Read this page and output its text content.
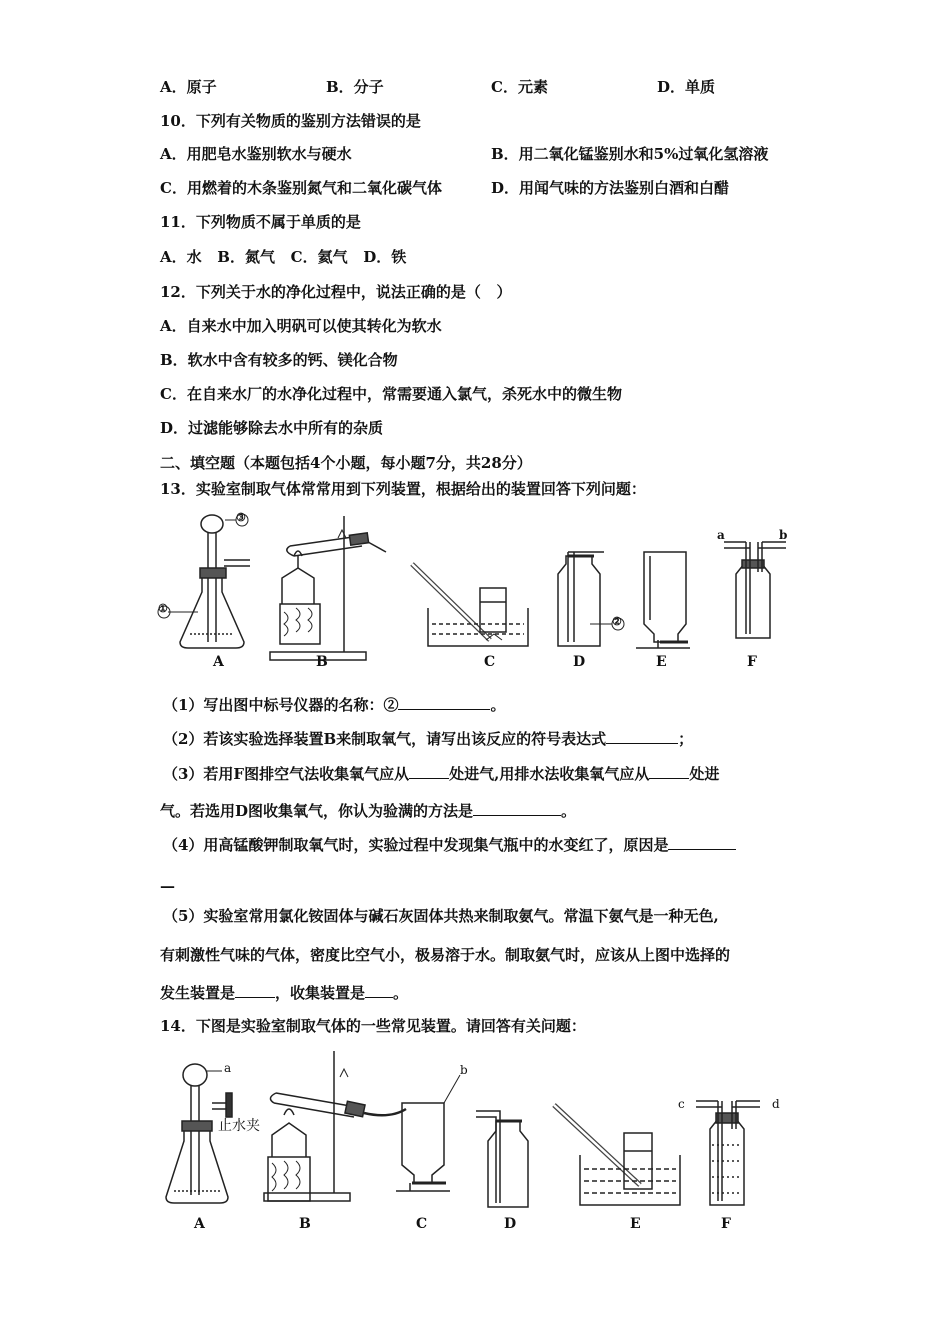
A．原子	B．分子	C．元素	D．单质
10．下列有关物质的鉴别方法错误的是
A．用肥皂水鉴别软水与硬水	B．用二氧化锰鉴别水和5%过氧化氢溶液
C．用燃着的木条鉴别氮气和二氧化碳气体	D．用闻气味的方法鉴别白酒和白醋
11．下列物质不属于单质的是
A．水   B．氮气   C．氦气   D．铁
12．下列关于水的净化过程中，说法正确的是（   ）
A．自来水中加入明矾可以使其转化为软水
B．软水中含有较多的钙、镁化合物
C．在自来水厂的水净化过程中，常需要通入氯气，杀死水中的微生物
D．过滤能够除去水中所有的杂质
二、填空题（本题包括4个小题，每小题7分，共28分）
13．实验室制取气体常常用到下列装置，根据给出的装置回答下列问题：
A	B	C	D	E	F
③
①
②
a	b
（1）写出图中标号仪器的名称：②	。
（2）若该实验选择装置B来制取氧气，请写出该反应的符号表达式	；
（3）若用F图排空气法收集氧气应从	处进气,用排水法收集氧气应从	处进
气。若选用D图收集氧气，你认为验满的方法是	。
（4）用高锰酸钾制取氧气时，实验过程中发现集气瓶中的水变红了，原因是
—
（5）实验室常用氯化铵固体与碱石灰固体共热来制取氨气。常温下氨气是一种无色,
有刺激性气味的气体，密度比空气小，极易溶于水。制取氨气时，应该从上图中选择的
发生装置是	，收集装置是 。
14．下图是实验室制取气体的一些常见装置。请回答有关问题：
A	B	C	D	E	F
a	b
c	d
止水夹
